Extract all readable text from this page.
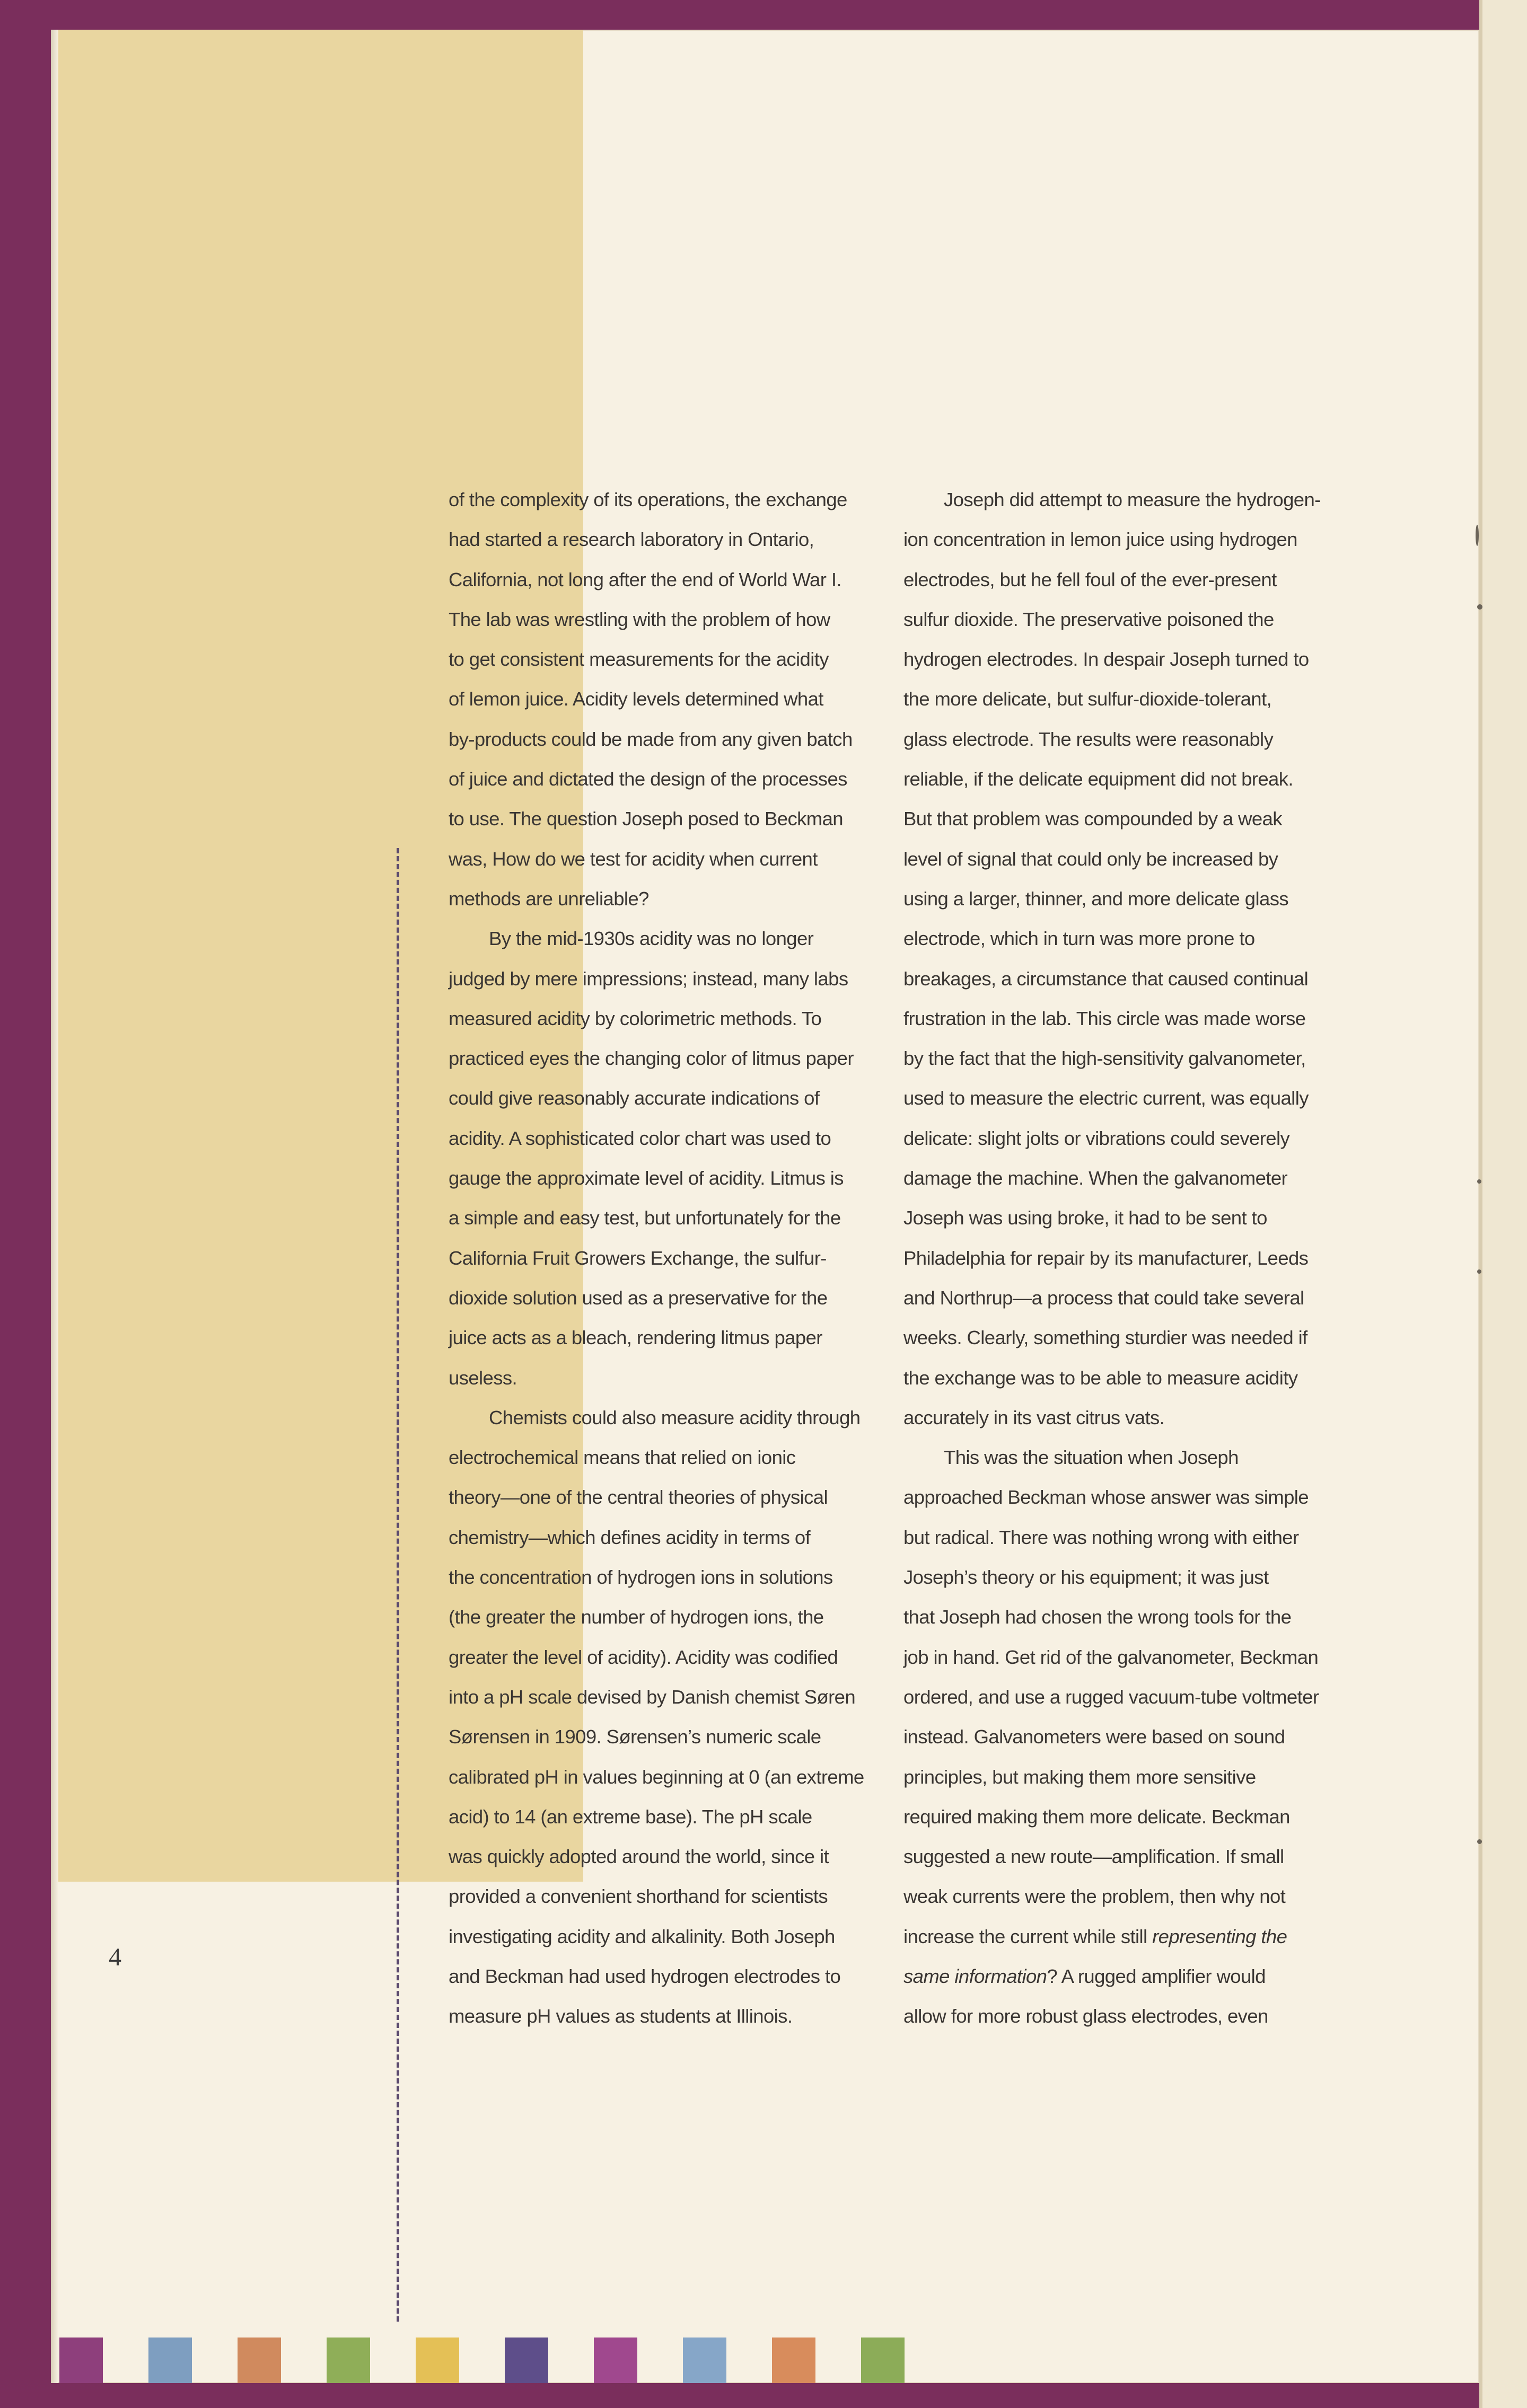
4
of the complexity of its operations, the exchange
had started a research laboratory in Ontario,
California, not long after the end of World War I.
The lab was wrestling with the problem of how
to get consistent measurements for the acidity
of lemon juice. Acidity levels determined what
by-products could be made from any given batch
of juice and dictated the design of the processes
to use. The question Joseph posed to Beckman
was, How do we test for acidity when current
methods are unreliable?
By the mid-1930s acidity was no longer
judged by mere impressions; instead, many labs
measured acidity by colorimetric methods. To
practiced eyes the changing color of litmus paper
could give reasonably accurate indications of
acidity. A sophisticated color chart was used to
gauge the approximate level of acidity. Litmus is
a simple and easy test, but unfortunately for the
California Fruit Growers Exchange, the sulfur-
dioxide solution used as a preservative for the
juice acts as a bleach, rendering litmus paper
useless.
Chemists could also measure acidity through
electrochemical means that relied on ionic
theory—one of the central theories of physical
chemistry—which defines acidity in terms of
the concentration of hydrogen ions in solutions
(the greater the number of hydrogen ions, the
greater the level of acidity). Acidity was codified
into a pH scale devised by Danish chemist Søren
Sørensen in 1909. Sørensen’s numeric scale
calibrated pH in values beginning at 0 (an extreme
acid) to 14 (an extreme base). The pH scale
was quickly adopted around the world, since it
provided a convenient shorthand for scientists
investigating acidity and alkalinity. Both Joseph
and Beckman had used hydrogen electrodes to
measure pH values as students at Illinois.
Joseph did attempt to measure the hydrogen-
ion concentration in lemon juice using hydrogen
electrodes, but he fell foul of the ever-present
sulfur dioxide. The preservative poisoned the
hydrogen electrodes. In despair Joseph turned to
the more delicate, but sulfur-dioxide-tolerant,
glass electrode. The results were reasonably
reliable, if the delicate equipment did not break.
But that problem was compounded by a weak
level of signal that could only be increased by
using a larger, thinner, and more delicate glass
electrode, which in turn was more prone to
breakages, a circumstance that caused continual
frustration in the lab. This circle was made worse
by the fact that the high-sensitivity galvanometer,
used to measure the electric current, was equally
delicate: slight jolts or vibrations could severely
damage the machine. When the galvanometer
Joseph was using broke, it had to be sent to
Philadelphia for repair by its manufacturer, Leeds
and Northrup—a process that could take several
weeks. Clearly, something sturdier was needed if
the exchange was to be able to measure acidity
accurately in its vast citrus vats.
This was the situation when Joseph
approached Beckman whose answer was simple
but radical. There was nothing wrong with either
Joseph’s theory or his equipment; it was just
that Joseph had chosen the wrong tools for the
job in hand. Get rid of the galvanometer, Beckman
ordered, and use a rugged vacuum-tube voltmeter
instead. Galvanometers were based on sound
principles, but making them more sensitive
required making them more delicate. Beckman
suggested a new route—amplification. If small
weak currents were the problem, then why not
increase the current while still representing the
same information? A rugged amplifier would
allow for more robust glass electrodes, even
